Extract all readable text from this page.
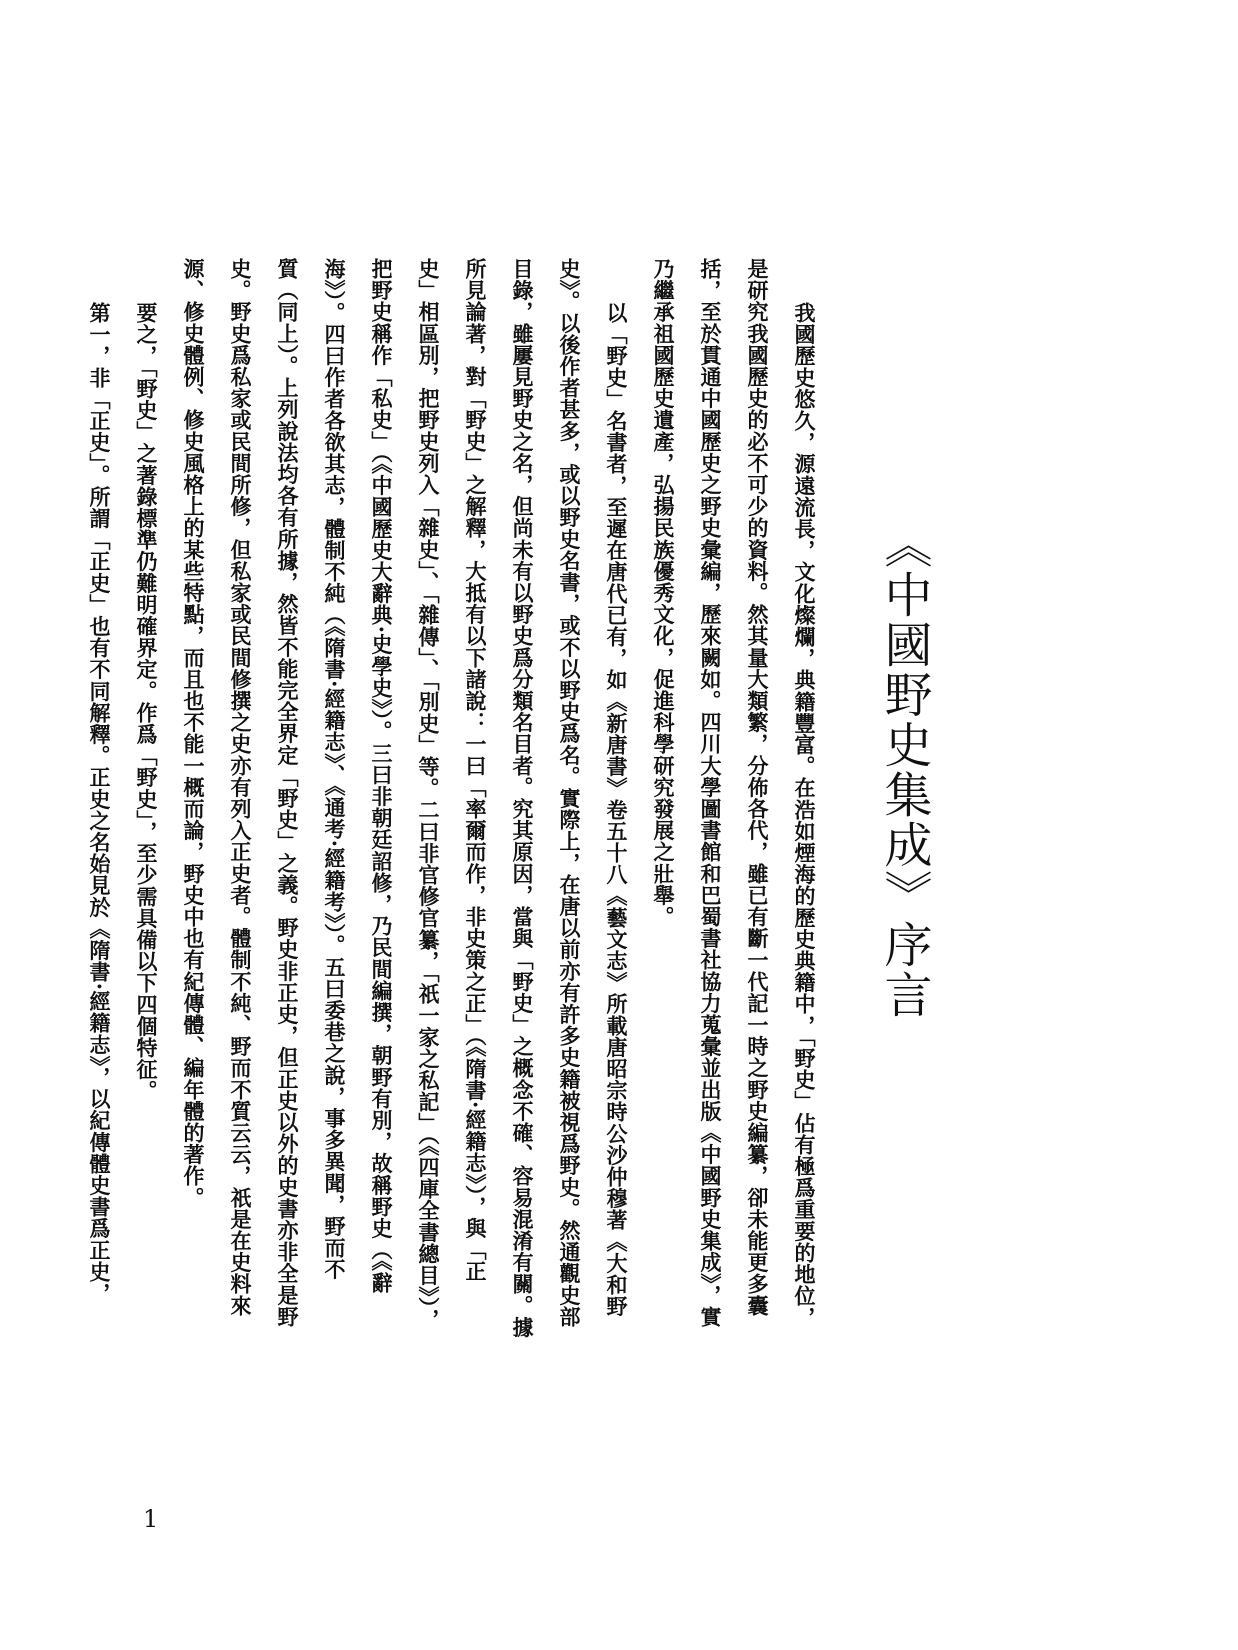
《中國野史集成》序言
我國歷史悠久，源遠流長，文化燦爛，典籍豐富。在浩如煙海的歷史典籍中，「野史」佔有極爲重要的地位，
是研究我國歷史的必不可少的資料。然其量大類繁，分佈各代，雖已有斷一代記一時之野史編纂，卻未能更多囊
括，至於貫通中國歷史之野史彙編，歷來闕如。四川大學圖書館和巴蜀書社協力蒐彙並出版《中國野史集成》，實
乃繼承祖國歷史遺產，弘揚民族優秀文化，促進科學研究發展之壯舉。
以「野史」名書者，至遲在唐代已有，如《新唐書》卷五十八《藝文志》所載唐昭宗時公沙仲穆著《大和野
史》。以後作者甚多，或以野史名書，或不以野史爲名。實際上，在唐以前亦有許多史籍被視爲野史。然通觀史部
目錄，雖屢見野史之名，但尚未有以野史爲分類名目者。究其原因，當與「野史」之概念不確、容易混淆有關。據
所見論著，對「野史」之解釋，大抵有以下諸說：一曰「率爾而作，非史策之正」（《隋書·經籍志》），與「正
史」相區別，把野史列入「雜史」、「雜傳」、「別史」等。二曰非官修官纂，「祇一家之私記」（《四庫全書總目》），
把野史稱作「私史」（《中國歷史大辭典·史學史》）。三曰非朝廷詔修，乃民間編撰，朝野有別，故稱野史（《辭
海》）。四曰作者各欲其志，體制不純（《隋書·經籍志》、《通考·經籍考》）。五曰委巷之說，事多異聞，野而不
質（同上）。上列說法均各有所據，然皆不能完全界定「野史」之義。野史非正史，但正史以外的史書亦非全是野
史。野史爲私家或民間所修，但私家或民間修撰之史亦有列入正史者。體制不純、野而不質云云，祇是在史料來
源、修史體例、修史風格上的某些特點，而且也不能一概而論，野史中也有紀傳體、編年體的著作。
要之，「野史」之著錄標準仍難明確界定。作爲「野史」，至少需具備以下四個特征。
第一，非「正史」。所謂「正史」也有不同解釋。正史之名始見於《隋書·經籍志》，以紀傳體史書爲正史，
1
